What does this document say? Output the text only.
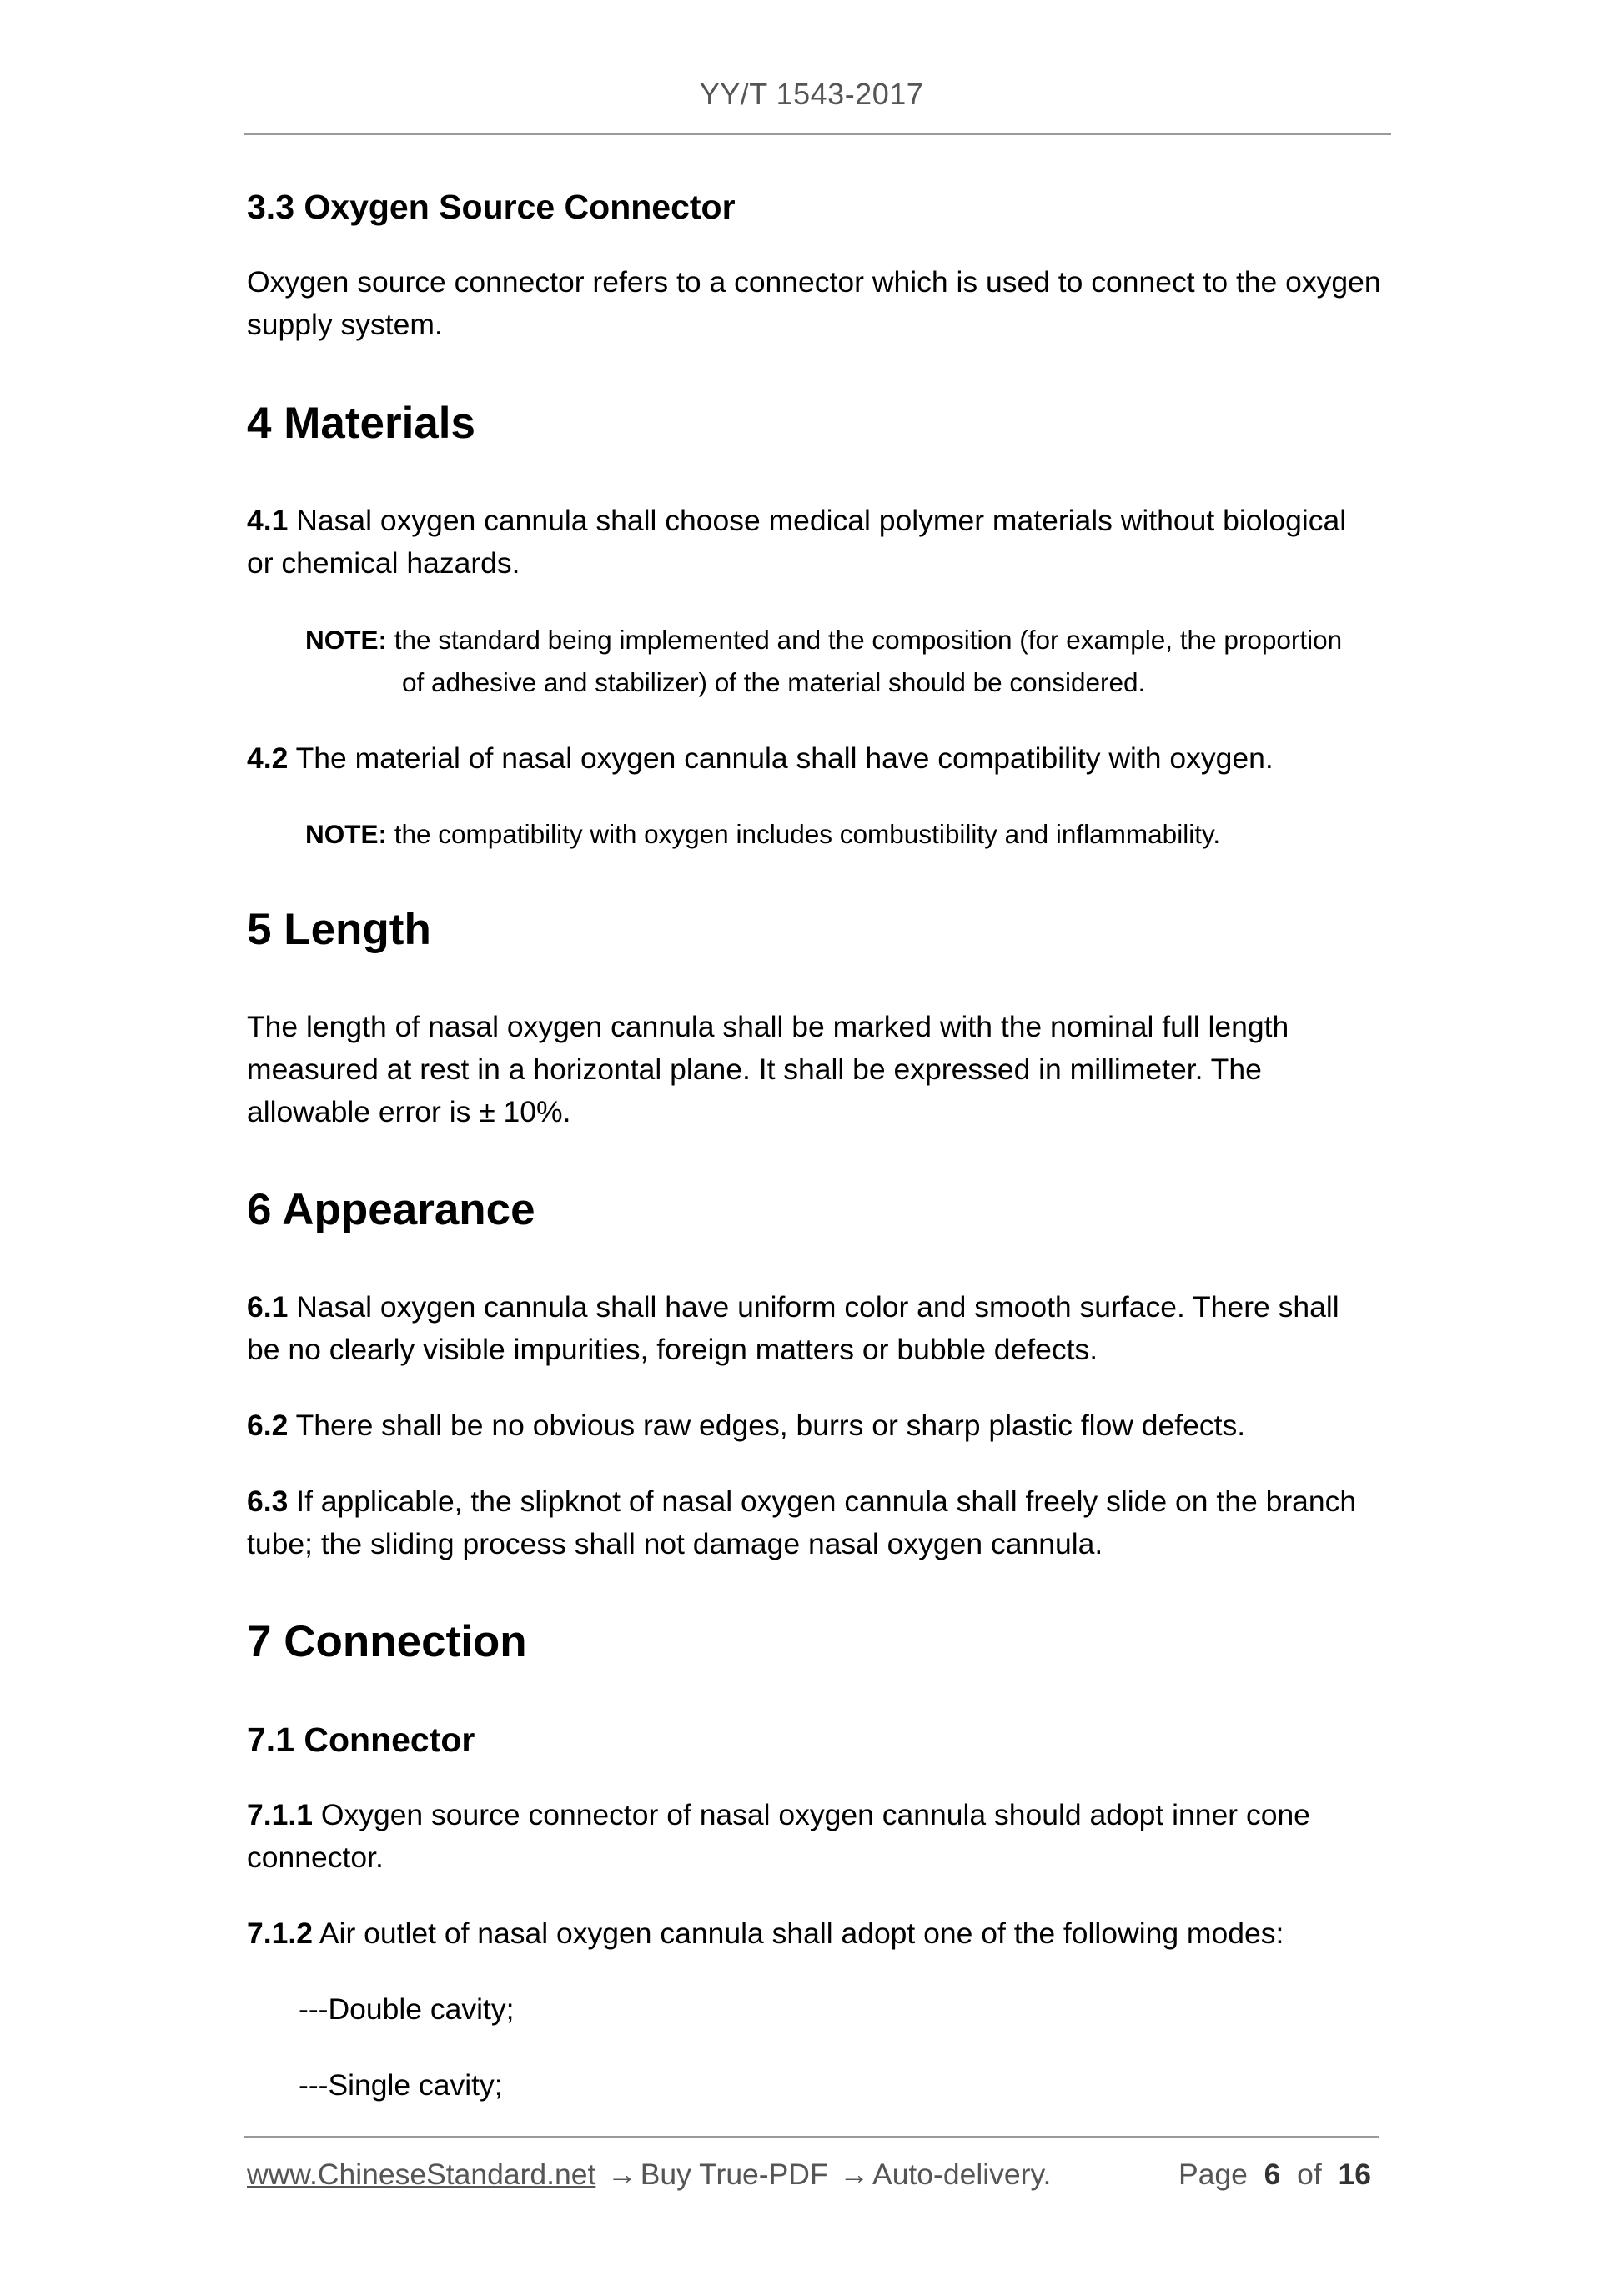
YY/T 1543-2017

3.3 Oxygen Source Connector

Oxygen source connector refers to a connector which is used to connect to the oxygen

supply system.

4 Materials

4.1 Nasal oxygen cannula shall choose medical polymer materials without biological

or chemical hazards.

NOTE: the standard being implemented and the composition (for example, the proportion
of adhesive and stabilizer) of the material should be considered.

4.2 The material of nasal oxygen cannula shall have compatibility with oxygen.

NOTE: the compatibility with oxygen includes combustibility and inflammability.

5 Length

The length of nasal oxygen cannula shall be marked with the nominal full length

measured at rest in a horizontal plane. It shall be expressed in millimeter. The

allowable error is ± 10%.

6 Appearance

6.1 Nasal oxygen cannula shall have uniform color and smooth surface. There shall

be no clearly visible impurities, foreign matters or bubble defects.

6.2 There shall be no obvious raw edges, burrs or sharp plastic flow defects.

6.3 If applicable, the slipknot of nasal oxygen cannula shall freely slide on the branch

tube; the sliding process shall not damage nasal oxygen cannula.

7 Connection

7.1 Connector

7.1.1 Oxygen source connector of nasal oxygen cannula should adopt inner cone

connector.

7.1.2 Air outlet of nasal oxygen cannula shall adopt one of the following modes:

---Double cavity;
---Single cavity;
www.ChineseStandard.net → Buy True-PDF → Auto-delivery.	Page 6 of 16
